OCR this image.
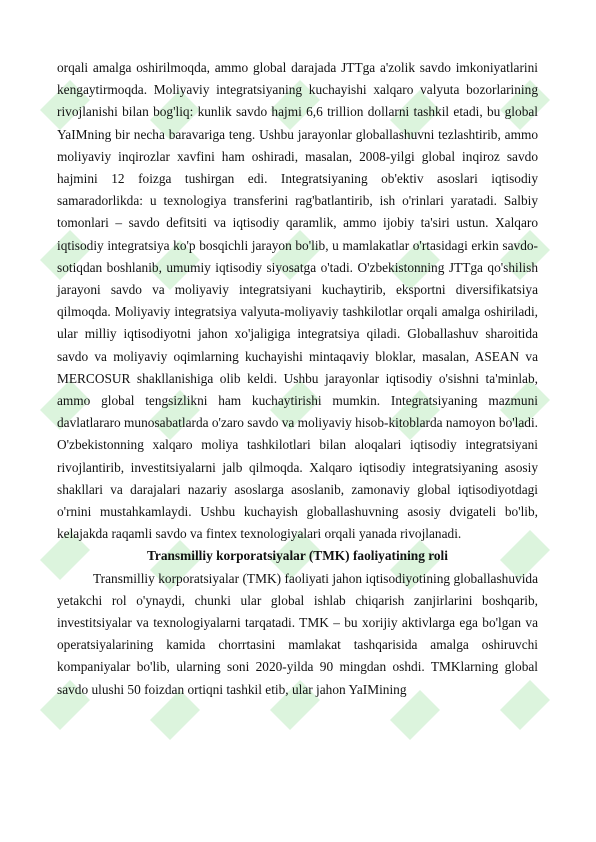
orqali amalga oshirilmoqda, ammo global darajada JTTga a'zolik savdo imkoniyatlarini kengaytirmoqda. Moliyaviy integratsiyaning kuchayishi xalqaro valyuta bozorlarining rivojlanishi bilan bog'liq: kunlik savdo hajmi 6,6 trillion dollarni tashkil etadi, bu global YaIMning bir necha baravariga teng. Ushbu jarayonlar globallashuvni tezlashtirib, ammo moliyaviy inqirozlar xavfini ham oshiradi, masalan, 2008-yilgi global inqiroz savdo hajmini 12 foizga tushirgan edi. Integratsiyaning ob'ektiv asoslari iqtisodiy samaradorlikda: u texnologiya transferini rag'batlantirib, ish o'rinlari yaratadi. Salbiy tomonlari – savdo defitsiti va iqtisodiy qaramlik, ammo ijobiy ta'siri ustun. Xalqaro iqtisodiy integratsiya ko'p bosqichli jarayon bo'lib, u mamlakatlar o'rtasidagi erkin savdo-sotiqdan boshlanib, umumiy iqtisodiy siyosatga o'tadi. O'zbekistonning JTTga qo'shilish jarayoni savdo va moliyaviy integratsiyani kuchaytirib, eksportni diversifikatsiya qilmoqda. Moliyaviy integratsiya valyuta-moliyaviy tashkilotlar orqali amalga oshiriladi, ular milliy iqtisodiyotni jahon xo'jaligiga integratsiya qiladi. Globallashuv sharoitida savdo va moliyaviy oqimlarning kuchayishi mintaqaviy bloklar, masalan, ASEAN va MERCOSUR shakllanishiga olib keldi. Ushbu jarayonlar iqtisodiy o'sishni ta'minlab, ammo global tengsizlikni ham kuchaytirishi mumkin. Integratsiyaning mazmuni davlatlararo munosabatlarda o'zaro savdo va moliyaviy hisob-kitoblarda namoyon bo'ladi. O'zbekistonning xalqaro moliya tashkilotlari bilan aloqalari iqtisodiy integratsiyani rivojlantirib, investitsiyalarni jalb qilmoqda. Xalqaro iqtisodiy integratsiyaning asosiy shakllari va darajalari nazariy asoslarga asoslanib, zamonaviy global iqtisodiyotdagi o'rnini mustahkamlaydi. Ushbu kuchayish globallashuvning asosiy dvigateli bo'lib, kelajakda raqamli savdo va fintex texnologiyalari orqali yanada rivojlanadi.

Transmilliy korporatsiyalar (TMK) faoliyatining roli

Transmilliy korporatsiyalar (TMK) faoliyati jahon iqtisodiyotining globallashuvida yetakchi rol o'ynaydi, chunki ular global ishlab chiqarish zanjirlarini boshqarib, investitsiyalar va texnologiyalarni tarqatadi. TMK – bu xorijiy aktivlarga ega bo'lgan va operatsiyalarining kamida chorrtasini mamlakat tashqarisida amalga oshiruvchi kompaniyalar bo'lib, ularning soni 2020-yilda 90 mingdan oshdi. TMKlarning global savdo ulushi 50 foizdan ortiqni tashkil etib, ular jahon YaIMining
